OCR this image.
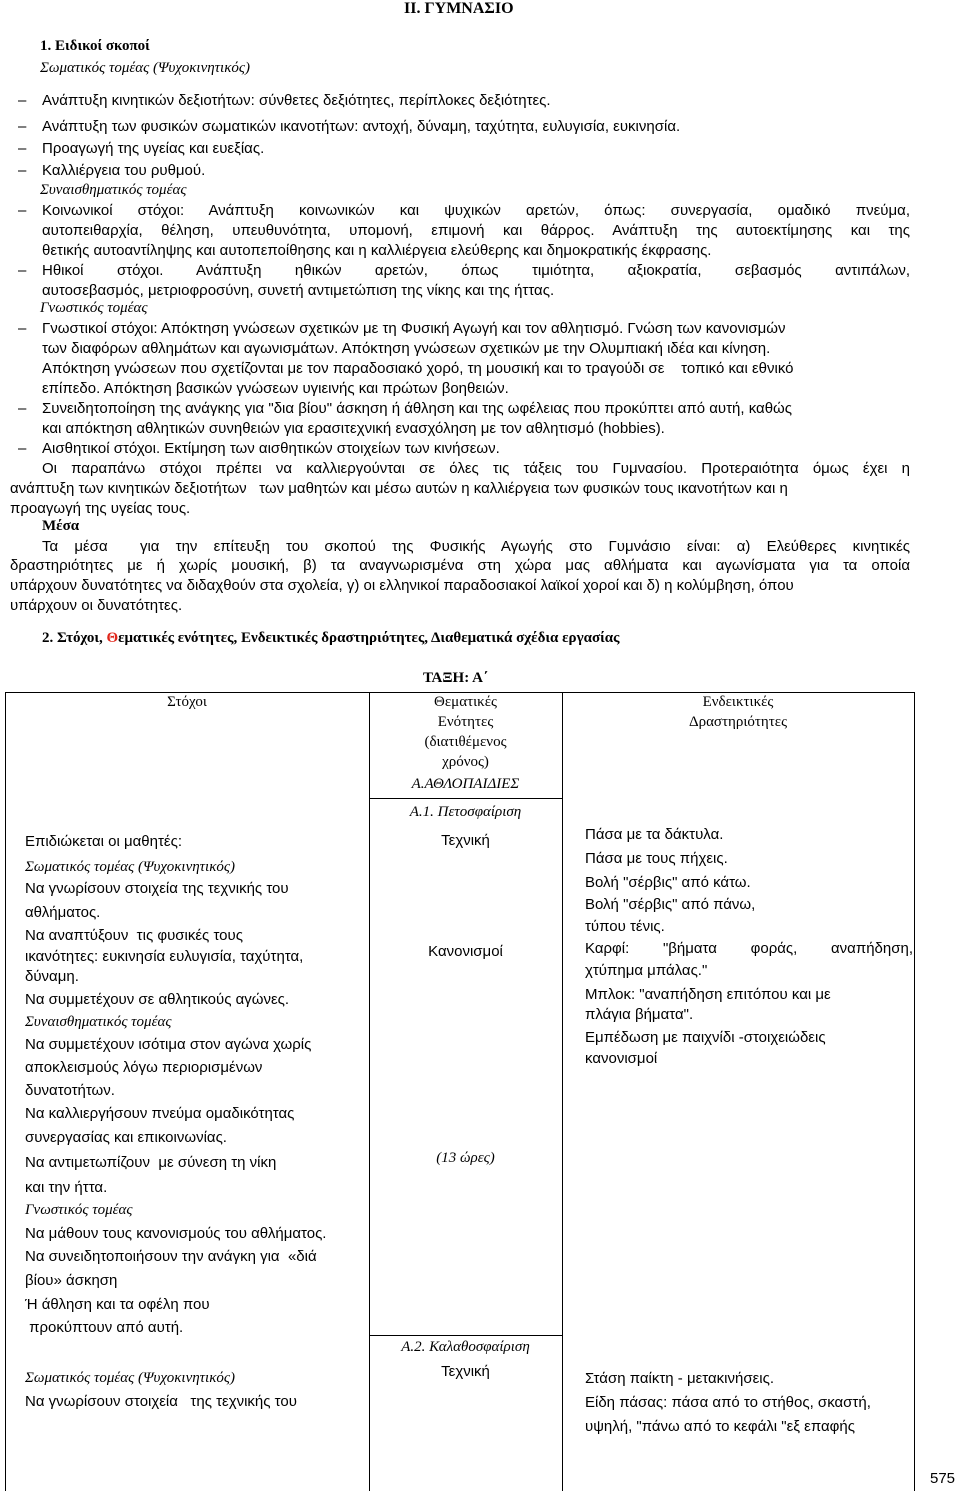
ΙΙ. ΓΥΜΝΑΣΙΟ
1. Ειδικοί σκοποί
Σωματικός τομέας (Ψυχοκινητικός)
– Ανάπτυξη κινητικών δεξιοτήτων: σύνθετες δεξιότητες, περίπλοκες δεξιότητες.
– Ανάπτυξη των φυσικών σωματικών ικανοτήτων: αντοχή, δύναμη, ταχύτητα, ευλυγισία, ευκινησία.
– Προαγωγή της υγείας και ευεξίας.
– Καλλιέργεια του ρυθμού.
Συναισθηματικός τομέας
– Κοινωνικοί στόχοι: Ανάπτυξη κοινωνικών και ψυχικών αρετών, όπως: συνεργασία, ομαδικό πνεύμα,
αυτοπειθαρχία, θέληση, υπευθυνότητα, υπομονή, επιμονή και θάρρος. Ανάπτυξη της αυτοεκτίμησης και της
θετικής αυτοαντίληψης και αυτοπεποίθησης και η καλλιέργεια ελεύθερης και δημοκρατικής έκφρασης.
– Ηθικοί στόχοι. Ανάπτυξη ηθικών αρετών, όπως τιμιότητα, αξιοκρατία, σεβασμός αντιπάλων,
αυτοσεβασμός, μετριοφροσύνη, συνετή αντιμετώπιση της νίκης και της ήττας.
Γνωστικός τομέας
– Γνωστικοί στόχοι: Απόκτηση γνώσεων σχετικών με τη Φυσική Αγωγή και τον αθλητισμό. Γνώση των κανονισμών
των διαφόρων αθλημάτων και αγωνισμάτων. Απόκτηση γνώσεων σχετικών με την Ολυμπιακή ιδέα και κίνηση.
Απόκτηση γνώσεων που σχετίζονται με τον παραδοσιακό χορό, τη μουσική και το τραγούδι σε    τοπικό και εθνικό
επίπεδο. Απόκτηση βασικών γνώσεων υγιεινής και πρώτων βοηθειών.
– Συνειδητοποίηση της ανάγκης για "δια βίου" άσκηση ή άθληση και της ωφέλειας που προκύπτει από αυτή, καθώς
και απόκτηση αθλητικών συνηθειών για ερασιτεχνική ενασχόληση με τον αθλητισμό (hobbies).
– Αισθητικοί στόχοι. Εκτίμηση των αισθητικών στοιχείων των κινήσεων.
Οι παραπάνω στόχοι πρέπει να καλλιεργούνται σε όλες τις τάξεις του Γυμνασίου. Προτεραιότητα όμως έχει η
ανάπτυξη των κινητικών δεξιοτήτων   των μαθητών και μέσω αυτών η καλλιέργεια των φυσικών τους ικανοτήτων και η
προαγωγή της υγείας τους.
Μέσα
Τα μέσα  για την επίτευξη του σκοπού της Φυσικής Αγωγής στο Γυμνάσιο είναι: α) Ελεύθερες κινητικές
δραστηριότητες με ή χωρίς μουσική, β) τα αναγνωρισμένα στη χώρα μας αθλήματα και αγωνίσματα για τα οποία
υπάρχουν δυνατότητες να διδαχθούν στα σχολεία, γ) οι ελληνικοί παραδοσιακοί λαϊκοί χοροί και δ) η κολύμβηση, όπου
υπάρχουν οι δυνατότητες.
2. Στόχοι, Θεματικές ενότητες, Ενδεικτικές δραστηριότητες, Διαθεματικά σχέδια εργασίας
ΤΑΞΗ: Α΄
Στόχοι	Θεματικές
Ενότητες
(διατιθέμενος
χρόνος)
Ενδεικτικές
Δραστηριότητες
Α.ΑΘΛΟΠΑΙΔΙΕΣ
Α.1. Πετοσφαίριση
Επιδιώκεται οι μαθητές:
Σωματικός τομέας (Ψυχοκινητικός)
Να γνωρίσουν στοιχεία της τεχνικής του
αθλήματος.
Να αναπτύξουν  τις φυσικές τους
ικανότητες: ευκινησία ευλυγισία, ταχύτητα,
δύναμη.
Να συμμετέχουν σε αθλητικούς αγώνες.
Συναισθηματικός τομέας
Να συμμετέχουν ισότιμα στον αγώνα χωρίς
αποκλεισμούς λόγω περιορισμένων
δυνατοτήτων.
Να καλλιεργήσουν πνεύμα ομαδικότητας
συνεργασίας και επικοινωνίας.
Να αντιμετωπίζουν  με σύνεση τη νίκη
και την ήττα.
Γνωστικός τομέας
Να μάθουν τους κανονισμούς του αθλήματος.
Να συνειδητοποιήσουν την ανάγκη για  «διά
βίου» άσκηση
Ή άθληση και τα οφέλη που
προκύπτουν από αυτή.
Τεχνική
Κανονισμοί
(13 ώρες)
Πάσα με τα δάκτυλα.
Πάσα με τους πήχεις.
Βολή "σέρβις" από κάτω.
Βολή "σέρβις" από πάνω,
τύπου τένις.
Καρφί: "βήματα φοράς, αναπήδηση,
χτύπημα μπάλας."
Μπλοκ: "αναπήδηση επιτόπου και με
πλάγια βήματα".
Εμπέδωση με παιχνίδι -στοιχειώδεις
κανονισμοί
Α.2. Καλαθοσφαίριση
Τεχνική
Σωματικός τομέας (Ψυχοκινητικός)
Να γνωρίσουν στοιχεία   της τεχνικής του
Στάση παίκτη - μετακινήσεις.
Είδη πάσας: πάσα από το στήθος, σκαστή,
υψηλή, "πάνω από το κεφάλι "εξ επαφής
575
